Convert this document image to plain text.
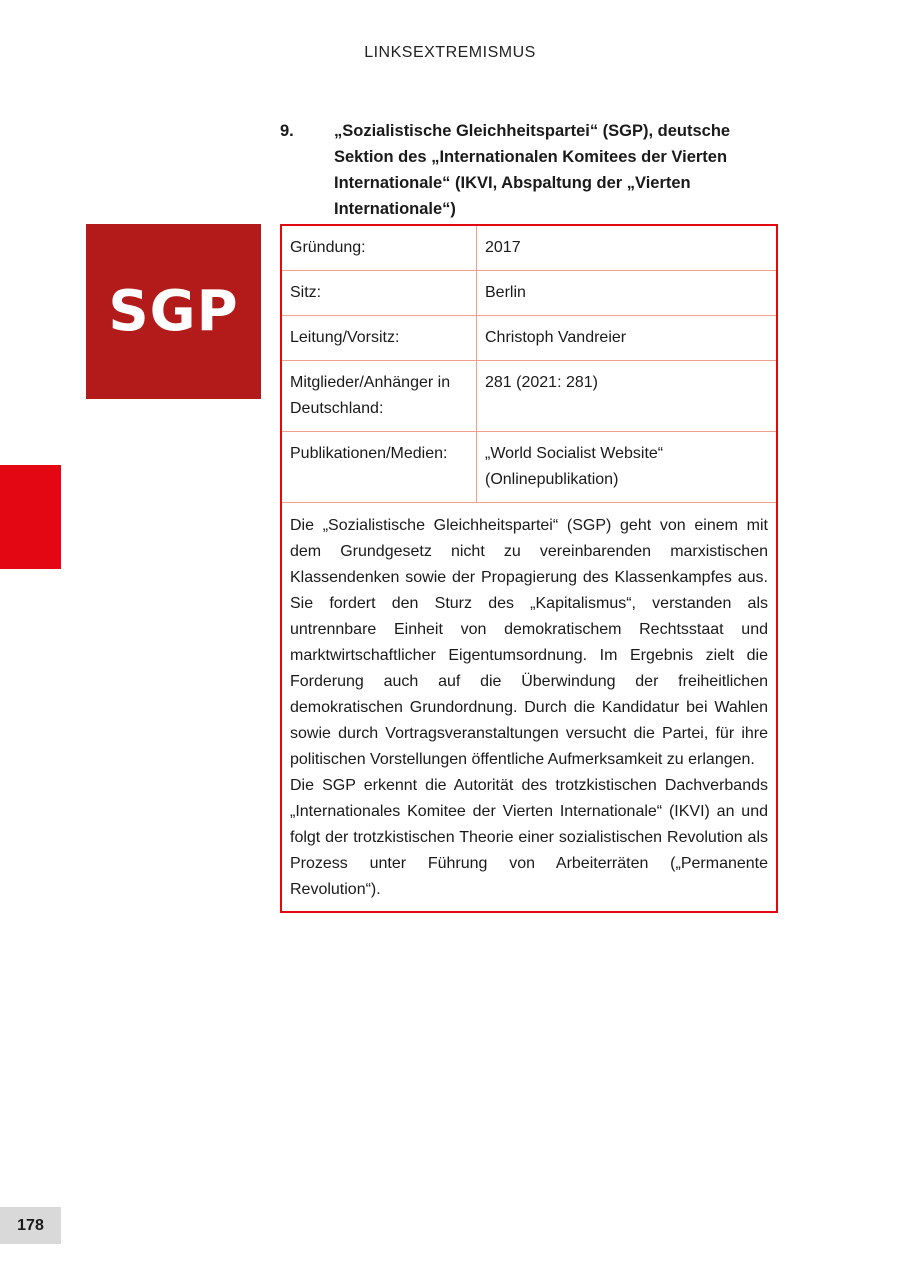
LINKSEXTREMISMUS
9. „Sozialistische Gleichheitspartei“ (SGP), deutsche Sektion des „Internationalen Komitees der Vierten Internationale“ (IKVI, Abspaltung der „Vierten Internationale“)
SGP
Gründung:	2017
Sitz:	Berlin
Leitung/Vorsitz:	Christoph Vandreier
Mitglieder/Anhänger in Deutschland:	281 (2021: 281)
Publikationen/Medien:	„World Socialist Website“ (Onlinepublikation)

Die „Sozialistische Gleichheitspartei“ (SGP) geht von einem mit dem Grundgesetz nicht zu vereinbarenden marxistischen Klassendenken sowie der Propagierung des Klassenkampfes aus. Sie fordert den Sturz des „Kapitalismus“, verstanden als untrennbare Einheit von demokratischem Rechtsstaat und marktwirtschaftlicher Eigentumsordnung. Im Ergebnis zielt die Forderung auch auf die Überwindung der freiheitlichen demokratischen Grundordnung. Durch die Kandidatur bei Wahlen sowie durch Vortragsveranstaltungen versucht die Partei, für ihre politischen Vorstellungen öffentliche Aufmerksamkeit zu erlangen.

Die SGP erkennt die Autorität des trotzkistischen Dachverbands „Internationales Komitee der Vierten Internationale“ (IKVI) an und folgt der trotzkistischen Theorie einer sozialistischen Revolution als Prozess unter Führung von Arbeiterräten („Permanente Revolution“).

178
